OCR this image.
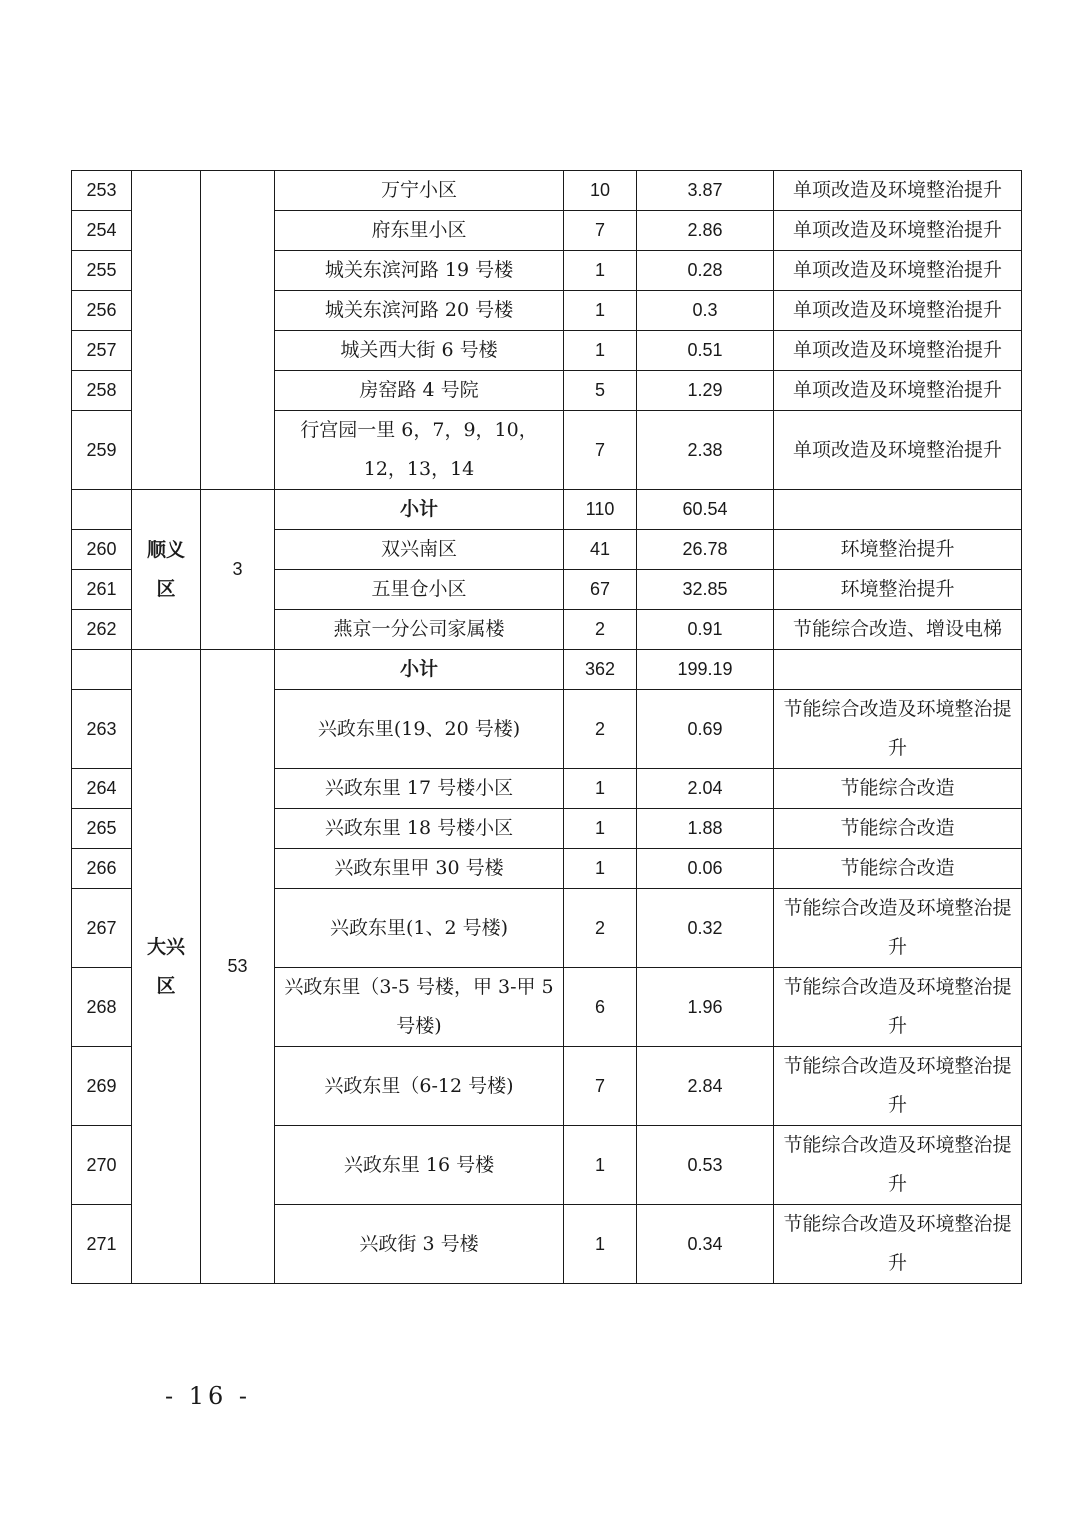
253			万宁小区	10	3.87	单项改造及环境整治提升
254			府东里小区	7	2.86	单项改造及环境整治提升
255			城关东滨河路 19 号楼	1	0.28	单项改造及环境整治提升
256			城关东滨河路 20 号楼	1	0.3	单项改造及环境整治提升
257			城关西大街 6 号楼	1	0.51	单项改造及环境整治提升
258			房窑路 4 号院	5	1.29	单项改造及环境整治提升
259			行宫园一里 6，7，9，10，12，13，14	7	2.38	单项改造及环境整治提升
	顺义区	3	小计	110	60.54	
260			双兴南区	41	26.78	环境整治提升
261			五里仓小区	67	32.85	环境整治提升
262			燕京一分公司家属楼	2	0.91	节能综合改造、增设电梯
	大兴区	53	小计	362	199.19	
263			兴政东里(19、20 号楼)	2	0.69	节能综合改造及环境整治提升
264			兴政东里 17 号楼小区	1	2.04	节能综合改造
265			兴政东里 18 号楼小区	1	1.88	节能综合改造
266			兴政东里甲 30 号楼	1	0.06	节能综合改造
267			兴政东里(1、2 号楼)	2	0.32	节能综合改造及环境整治提升
268			兴政东里（3-5 号楼，甲 3-甲 5 号楼)	6	1.96	节能综合改造及环境整治提升
269			兴政东里（6-12 号楼)	7	2.84	节能综合改造及环境整治提升
270			兴政东里 16 号楼	1	0.53	节能综合改造及环境整治提升
271			兴政街 3 号楼	1	0.34	节能综合改造及环境整治提升
- 16 -
